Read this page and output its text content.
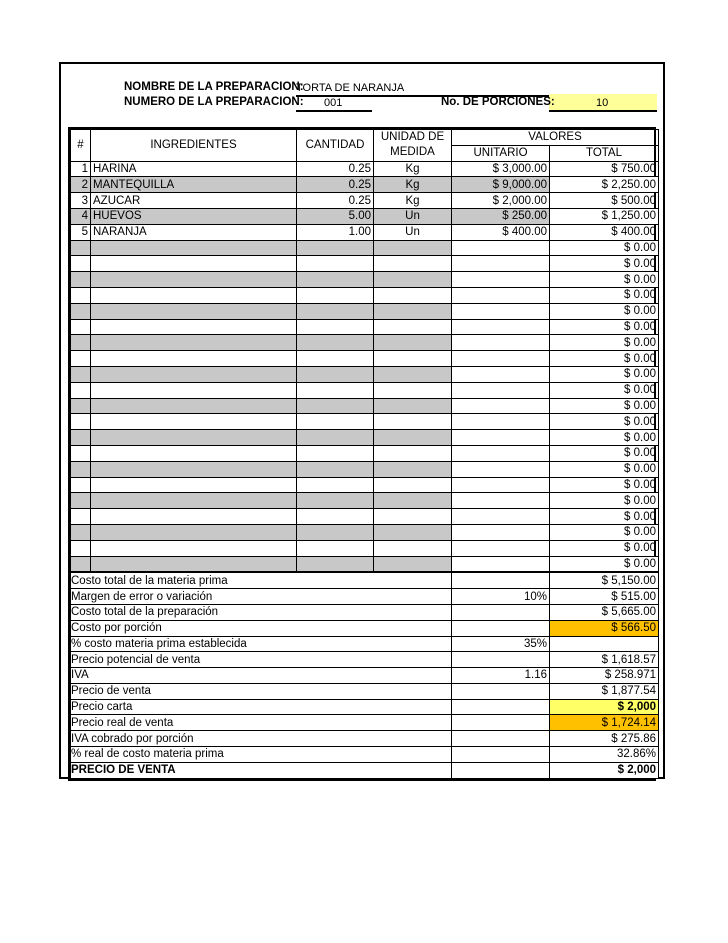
NOMBRE DE LA PREPARACION:
TORTA DE NARANJA
NUMERO DE LA PREPARACION: 001	No. DE PORCIONES:	10
#	INGREDIENTES	CANTIDAD	UNIDAD DE MEDIDA	VALORES	
				UNITARIO	TOTAL
1	HARINA	0.25	Kg	$ 3,000.00	$ 750.00
2	MANTEQUILLA	0.25	Kg	$ 9,000.00	$ 2,250.00
3	AZUCAR	0.25	Kg	$ 2,000.00	$ 500.00
4	HUEVOS	5.00	Un	$ 250.00	$ 1,250.00
5	NARANJA	1.00	Un	$ 400.00	$ 400.00
					$ 0.00
					$ 0.00
					$ 0.00
					$ 0.00
					$ 0.00
					$ 0.00
					$ 0.00
					$ 0.00
					$ 0.00
					$ 0.00
					$ 0.00
					$ 0.00
					$ 0.00
					$ 0.00
					$ 0.00
					$ 0.00
					$ 0.00
					$ 0.00
					$ 0.00
					$ 0.00
					$ 0.00
Costo total de la materia prima					$ 5,150.00
Margen de error o variación				10%	$ 515.00
Costo total de la preparación					$ 5,665.00
Costo por porción					$ 566.50
% costo materia prima establecida				35%	
Precio potencial de venta					$ 1,618.57
IVA				1.16	$ 258.971
Precio de venta					$ 1,877.54
Precio carta					$ 2,000
Precio real de venta					$ 1,724.14
IVA cobrado por porción					$ 275.86
% real de costo materia prima					32.86%
PRECIO DE VENTA					$ 2,000
